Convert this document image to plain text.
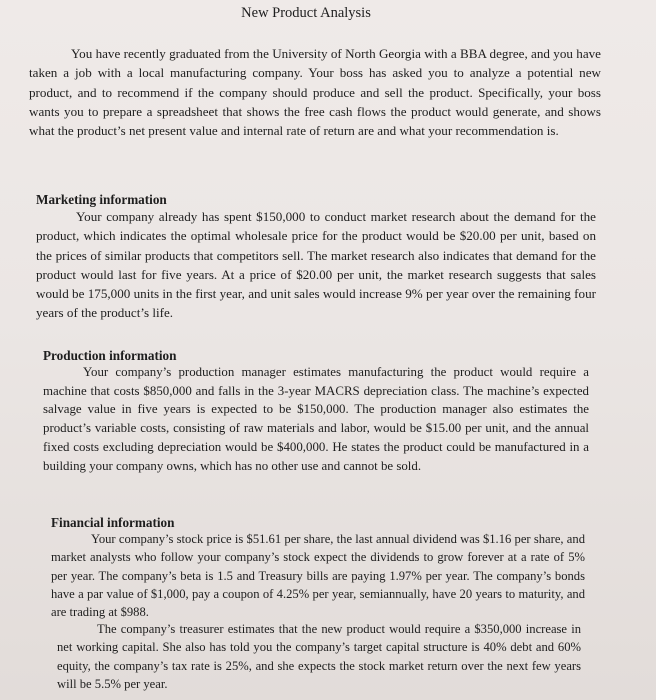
New Product Analysis

You have recently graduated from the University of North Georgia with a BBA degree, and you have taken a job with a local manufacturing company. Your boss has asked you to analyze a potential new product, and to recommend if the company should produce and sell the product. Specifically, your boss wants you to prepare a spreadsheet that shows the free cash flows the product would generate, and shows what the product’s net present value and internal rate of return are and what your recommendation is.

Marketing information

Your company already has spent $150,000 to conduct market research about the demand for the product, which indicates the optimal wholesale price for the product would be $20.00 per unit, based on the prices of similar products that competitors sell. The market research also indicates that demand for the product would last for five years. At a price of $20.00 per unit, the market research suggests that sales would be 175,000 units in the first year, and unit sales would increase 9% per year over the remaining four years of the product’s life.

Production information

Your company’s production manager estimates manufacturing the product would require a machine that costs $850,000 and falls in the 3-year MACRS depreciation class. The machine’s expected salvage value in five years is expected to be $150,000. The production manager also estimates the product’s variable costs, consisting of raw materials and labor, would be $15.00 per unit, and the annual fixed costs excluding depreciation would be $400,000. He states the product could be manufactured in a building your company owns, which has no other use and cannot be sold.

Financial information

Your company’s stock price is $51.61 per share, the last annual dividend was $1.16 per share, and market analysts who follow your company’s stock expect the dividends to grow forever at a rate of 5% per year. The company’s beta is 1.5 and Treasury bills are paying 1.97% per year. The company’s bonds have a par value of $1,000, pay a coupon of 4.25% per year, semiannually, have 20 years to maturity, and are trading at $988.

The company’s treasurer estimates that the new product would require a $350,000 increase in net working capital. She also has told you the company’s target capital structure is 40% debt and 60% equity, the company’s tax rate is 25%, and she expects the stock market return over the next few years will be 5.5% per year.
